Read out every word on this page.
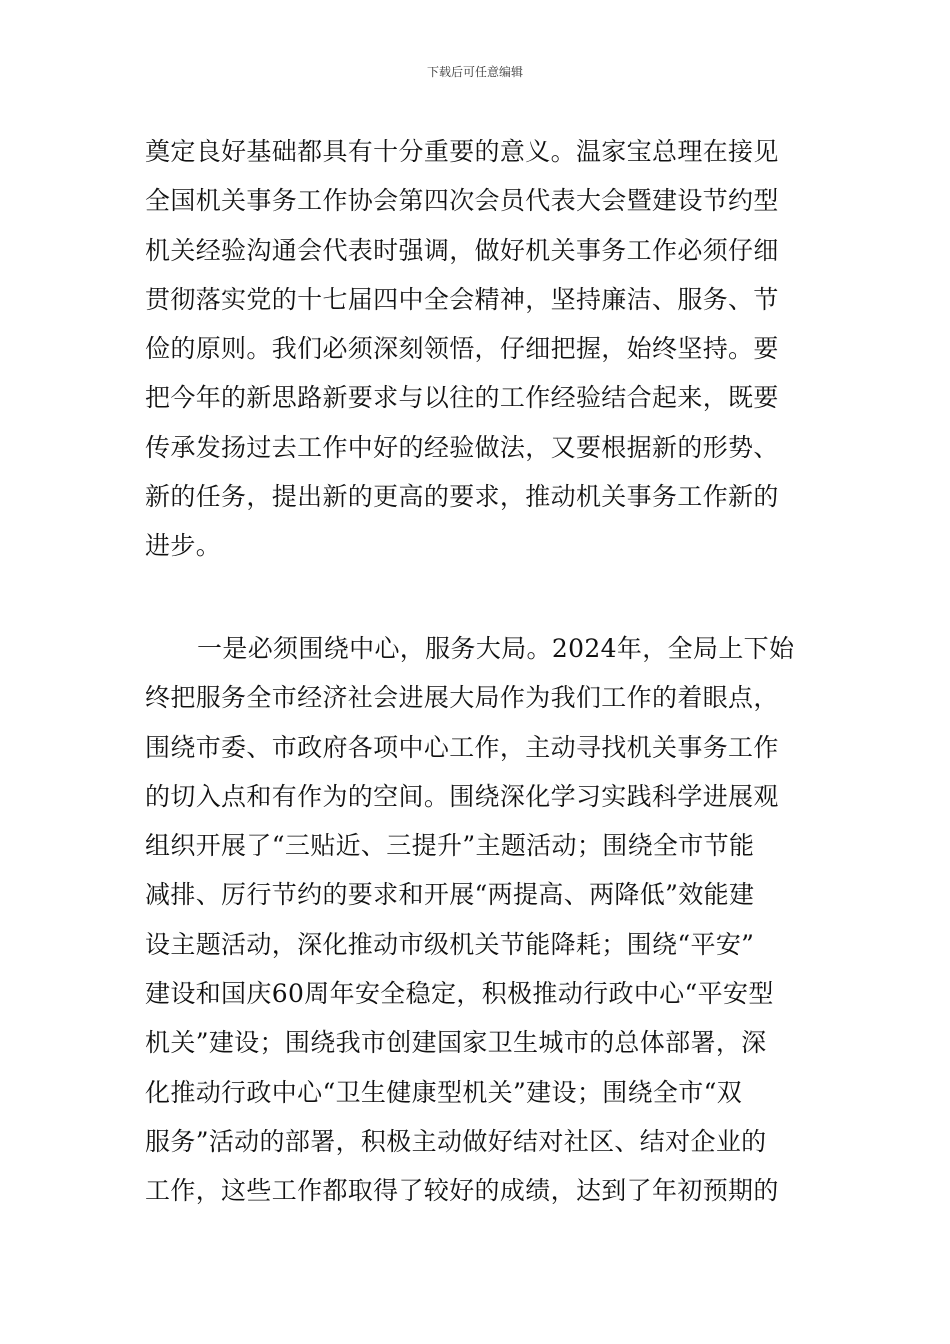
下载后可任意编辑
奠定良好基础都具有十分重要的意义。温家宝总理在接见
全国机关事务工作协会第四次会员代表大会暨建设节约型
机关经验沟通会代表时强调，做好机关事务工作必须仔细
贯彻落实党的十七届四中全会精神，坚持廉洁、服务、节
俭的原则。我们必须深刻领悟，仔细把握，始终坚持。要
把今年的新思路新要求与以往的工作经验结合起来，既要
传承发扬过去工作中好的经验做法，又要根据新的形势、
新的任务，提出新的更高的要求，推动机关事务工作新的
进步。
一是必须围绕中心，服务大局。2024年，全局上下始
终把服务全市经济社会进展大局作为我们工作的着眼点，
围绕市委、市政府各项中心工作，主动寻找机关事务工作
的切入点和有作为的空间。围绕深化学习实践科学进展观
组织开展了“三贴近、三提升”主题活动；围绕全市节能
减排、厉行节约的要求和开展“两提高、两降低”效能建
设主题活动，深化推动市级机关节能降耗；围绕“平安”
建设和国庆60周年安全稳定，积极推动行政中心“平安型
机关”建设；围绕我市创建国家卫生城市的总体部署，深
化推动行政中心“卫生健康型机关”建设；围绕全市“双
服务”活动的部署，积极主动做好结对社区、结对企业的
工作，这些工作都取得了较好的成绩，达到了年初预期的
